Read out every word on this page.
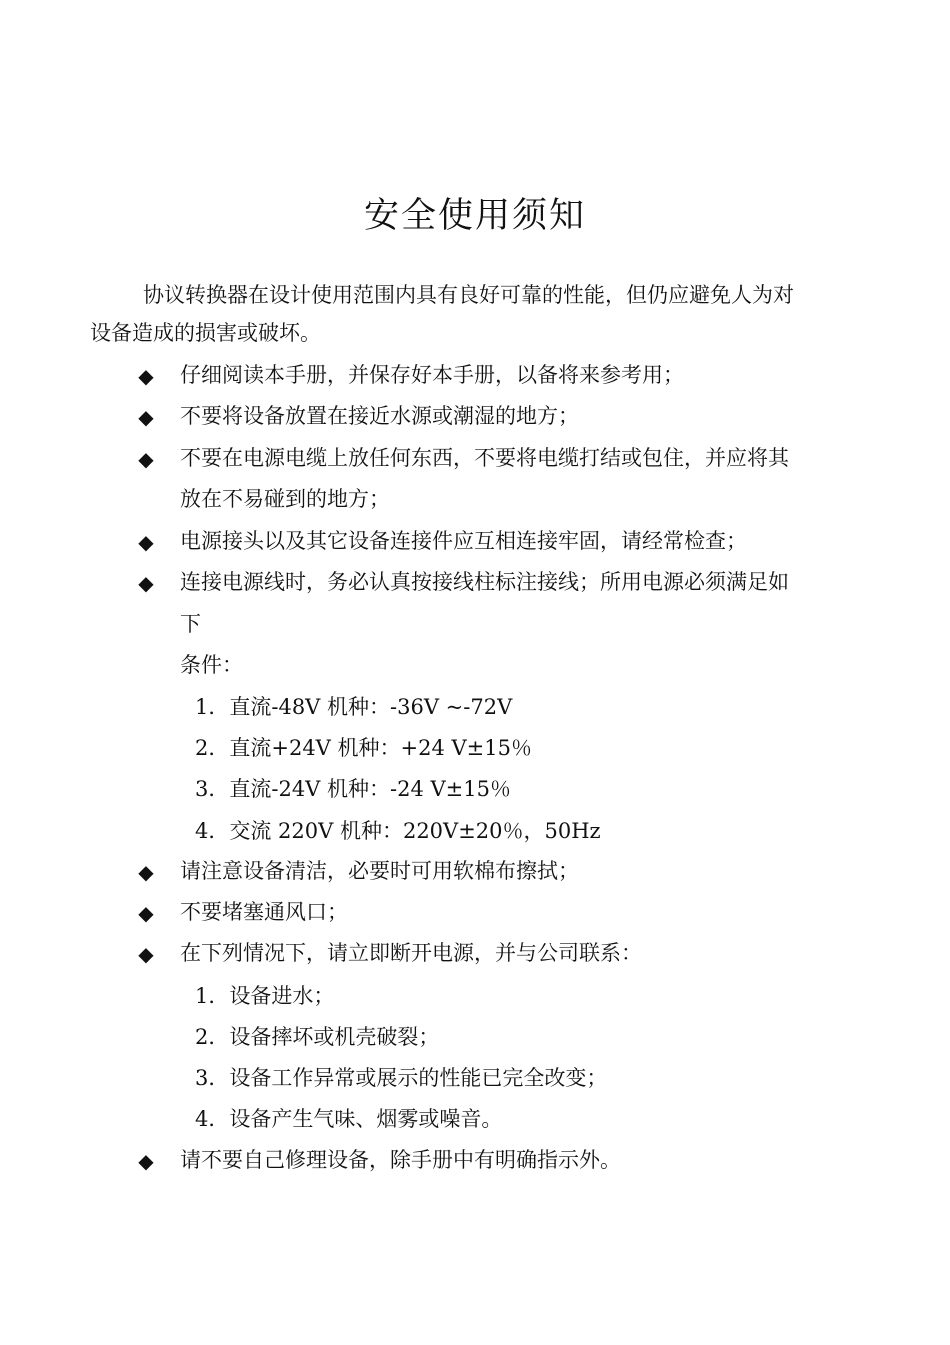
安全使用须知
协议转换器在设计使用范围内具有良好可靠的性能，但仍应避免人为对
设备造成的损害或破坏。
◆ 仔细阅读本手册，并保存好本手册，以备将来参考用；
◆ 不要将设备放置在接近水源或潮湿的地方；
◆ 不要在电源电缆上放任何东西，不要将电缆打结或包住，并应将其
放在不易碰到的地方；
◆ 电源接头以及其它设备连接件应互相连接牢固，请经常检查；
◆ 连接电源线时，务必认真按接线柱标注接线；所用电源必须满足如
下
条件：
1．直流-48V 机种：-36V ~-72V
2．直流+24V 机种：+24 V±15％
3．直流-24V 机种：-24 V±15％
4．交流 220V 机种：220V±20％，50Hz
◆ 请注意设备清洁，必要时可用软棉布擦拭；
◆ 不要堵塞通风口；
◆ 在下列情况下，请立即断开电源，并与公司联系：
1．设备进水；
2．设备摔坏或机壳破裂；
3．设备工作异常或展示的性能已完全改变；
4．设备产生气味、烟雾或噪音。
◆ 请不要自己修理设备，除手册中有明确指示外。
